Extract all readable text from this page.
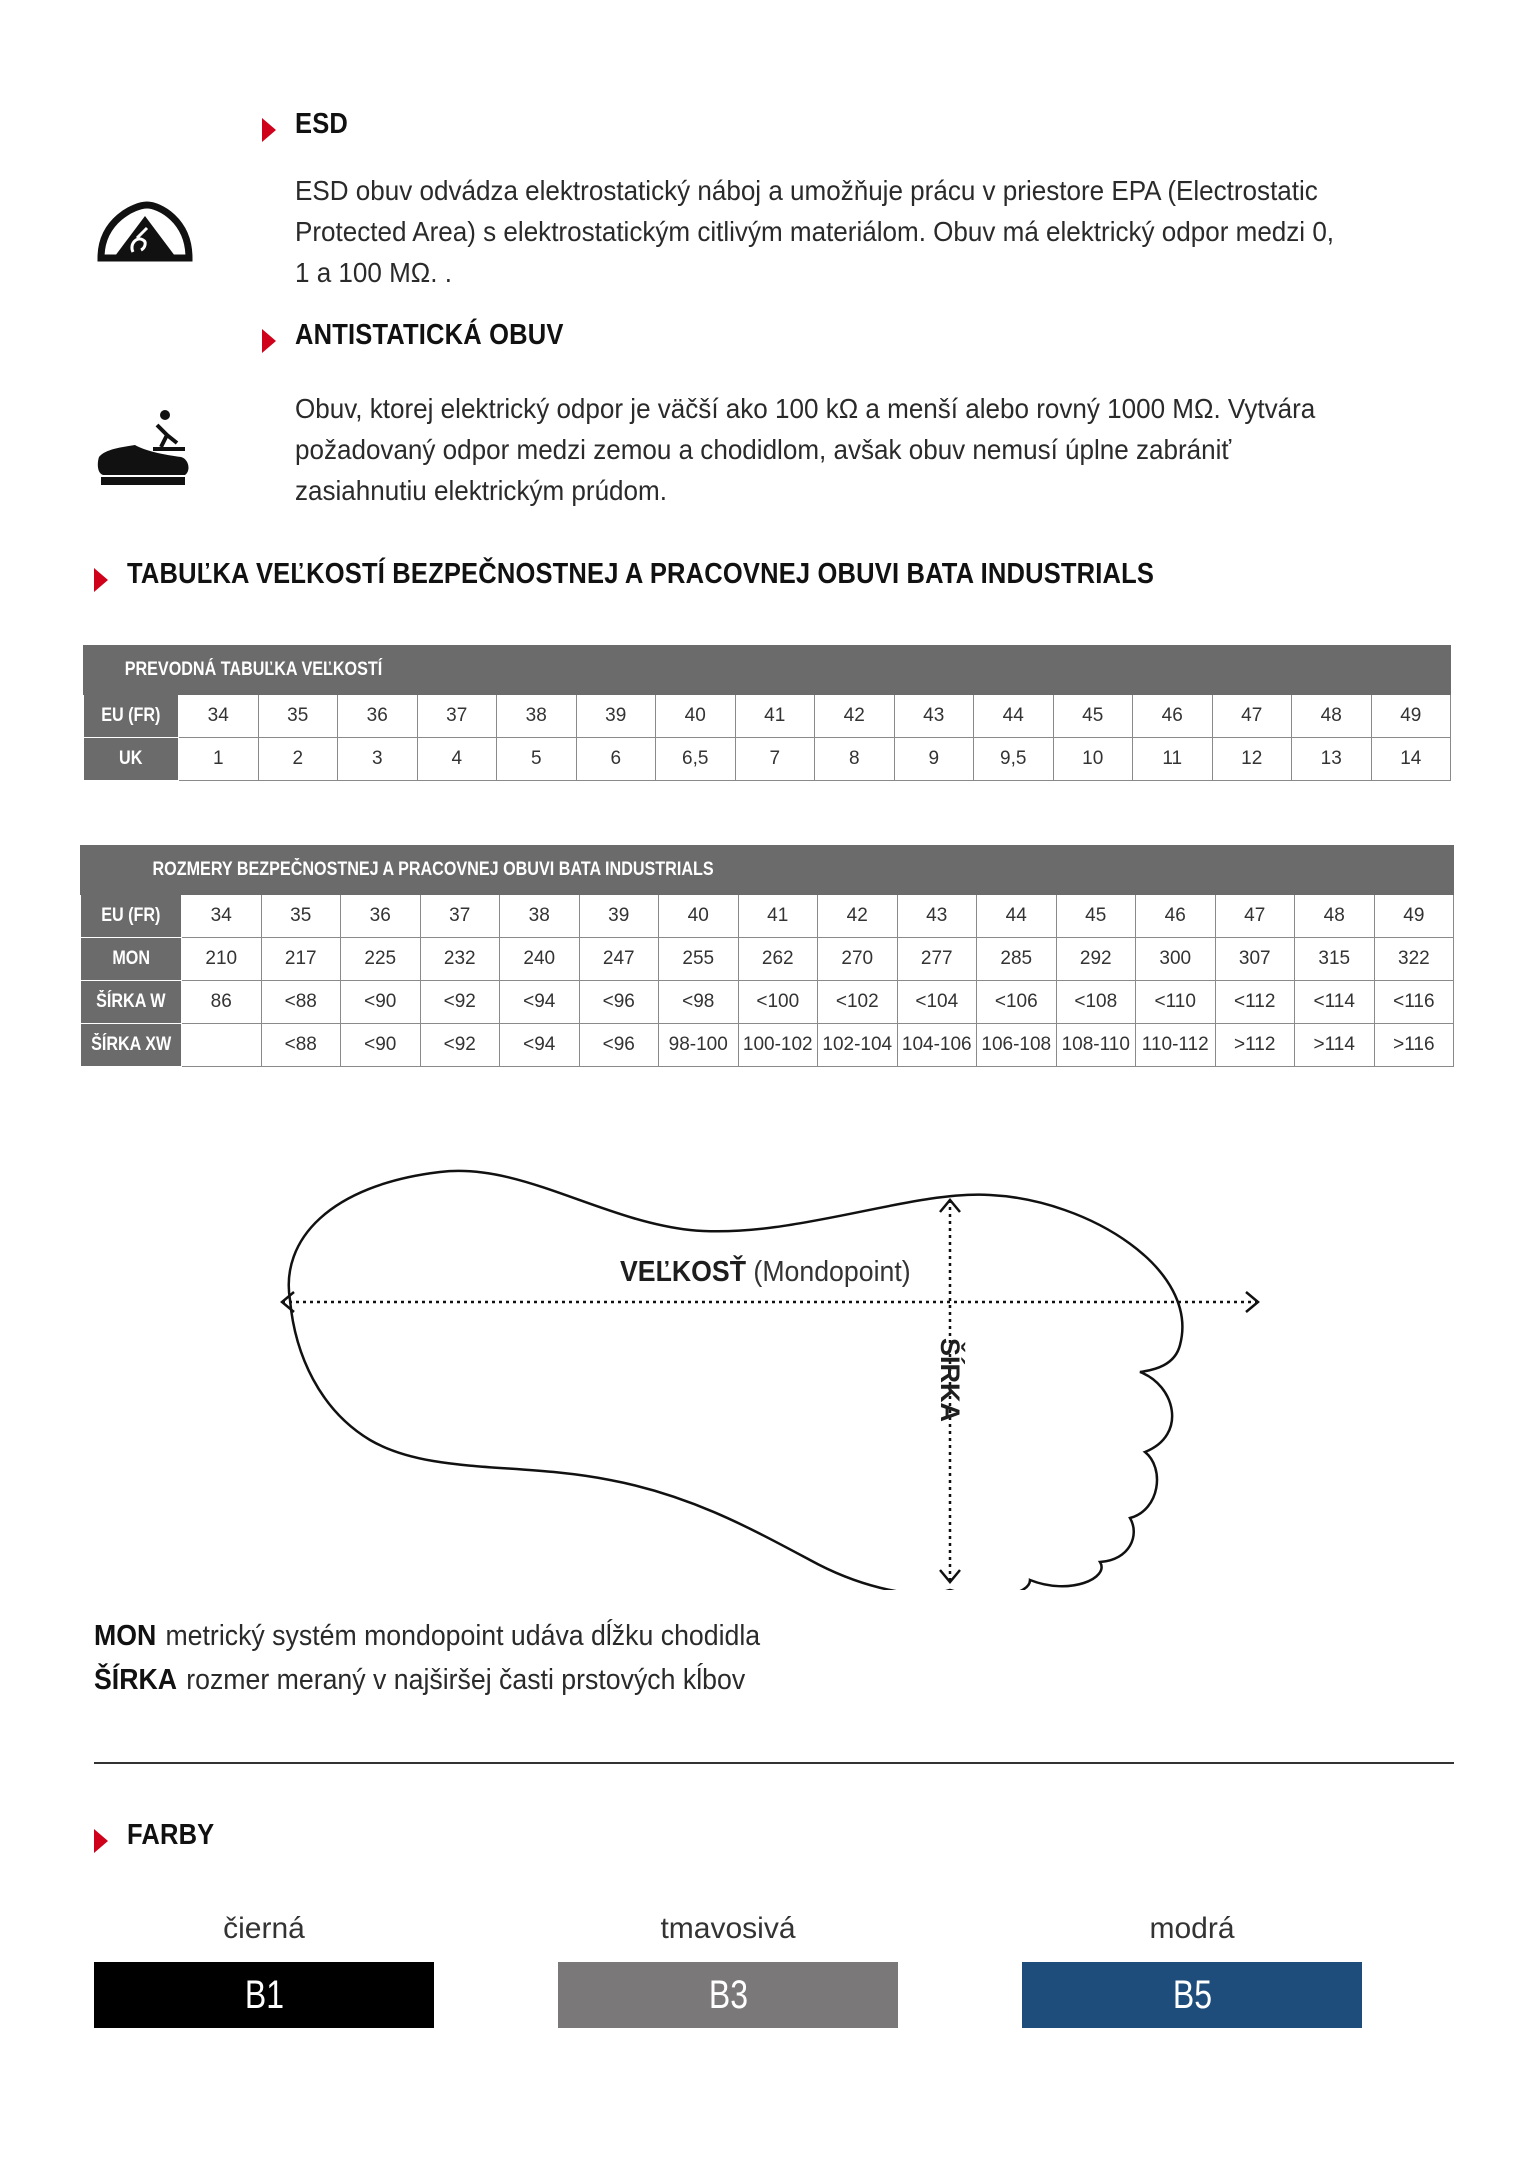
ESD
ESD obuv odvádza elektrostatický náboj a umožňuje prácu v priestore EPA (Electrostatic Protected Area) s elektrostatickým citlivým materiálom. Obuv má elektrický odpor medzi 0, 1 a 100 MΩ. .
ANTISTATICKÁ OBUV
Obuv, ktorej elektrický odpor je väčší ako 100 kΩ a menší alebo rovný 1000 MΩ. Vytvára požadovaný odpor medzi zemou a chodidlom, avšak obuv nemusí úplne zabrániť zasiahnutiu elektrickým prúdom.
TABUĽKA VEĽKOSTÍ BEZPEČNOSTNEJ A PRACOVNEJ OBUVI BATA INDUSTRIALS
PREVODNÁ TABUĽKA VEĽKOSTÍ																
EU (FR)	34	35	36	37	38	39	40	41	42	43	44	45	46	47	48	49
UK	1	2	3	4	5	6	6,5	7	8	9	9,5	10	11	12	13	14
ROZMERY BEZPEČNOSTNEJ A PRACOVNEJ OBUVI BATA INDUSTRIALS																
EU (FR)	34	35	36	37	38	39	40	41	42	43	44	45	46	47	48	49
MON	210	217	225	232	240	247	255	262	270	277	285	292	300	307	315	322
ŠÍRKA W	86	<88	<90	<92	<94	<96	<98	<100	<102	<104	<106	<108	<110	<112	<114	<116
ŠÍRKA XW		<88	<90	<92	<94	<96	98-100	100-102	102-104	104-106	106-108	108-110	110-112	>112	>114	>116
VEĽKOSŤ (Mondopoint)
ŠÍRKA
MON metrický systém mondopoint udáva dĺžku chodidla
ŠÍRKA rozmer meraný v najširšej časti prstových kĺbov
FARBY
čierná
B1
tmavosivá
B3
modrá
B5
